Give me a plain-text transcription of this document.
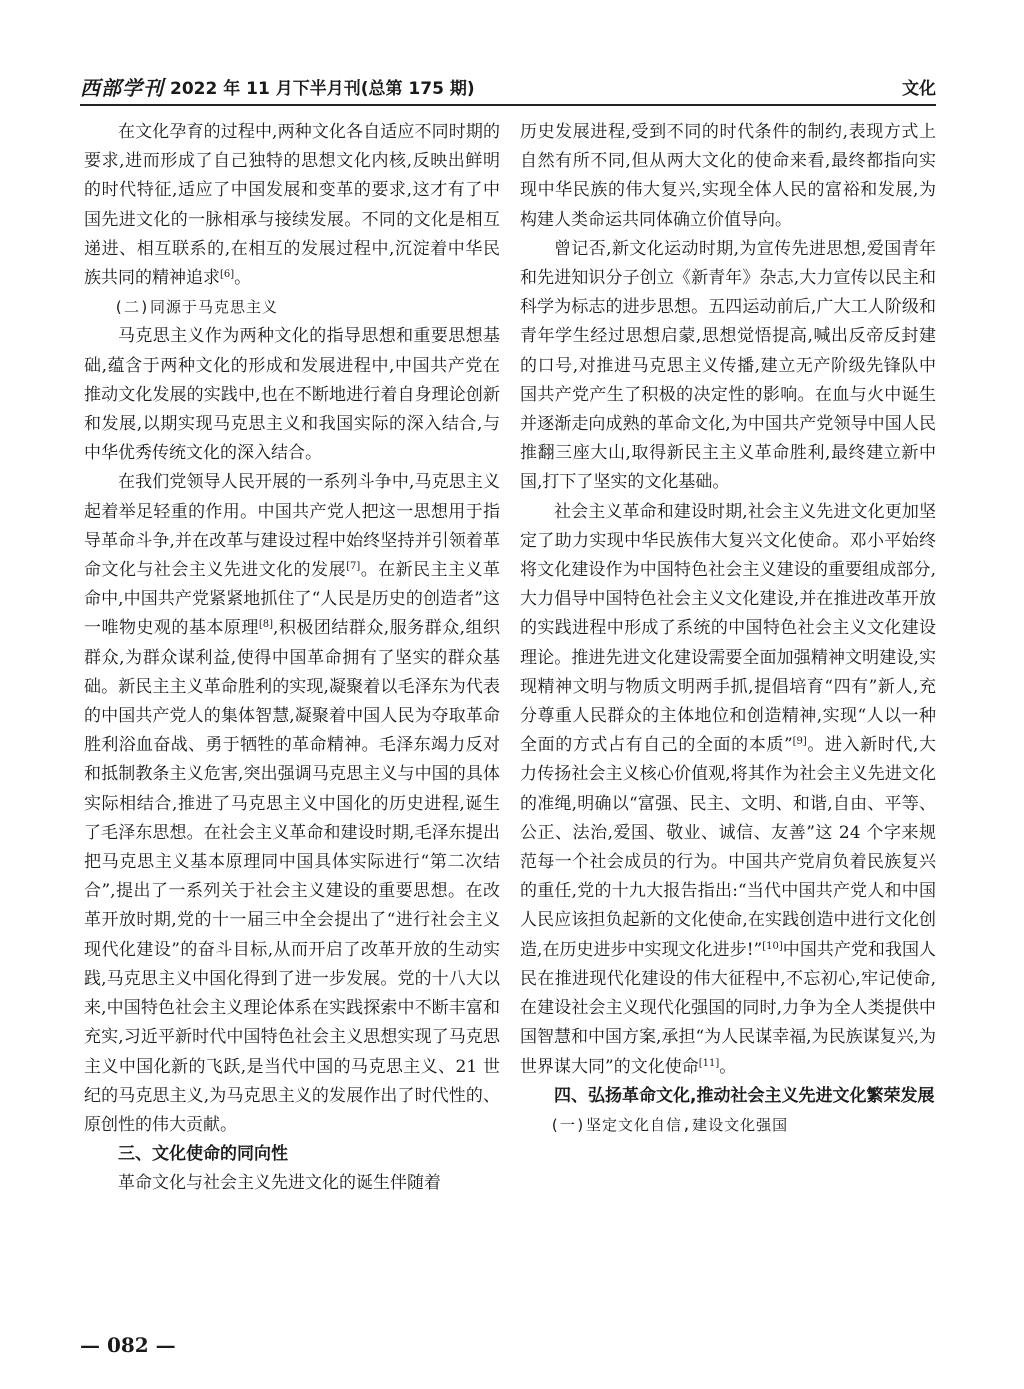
西部学刊 2022 年 11 月下半月刊(总第 175 期)	文化

在文化孕育的过程中,两种文化各自适应不同时期的要求,进而形成了自己独特的思想文化内核,反映出鲜明的时代特征,适应了中国发展和变革的要求,这才有了中国先进文化的一脉相承与接续发展。不同的文化是相互递进、相互联系的,在相互的发展过程中,沉淀着中华民族共同的精神追求[6]。

(二)同源于马克思主义

马克思主义作为两种文化的指导思想和重要思想基础,蕴含于两种文化的形成和发展进程中,中国共产党在推动文化发展的实践中,也在不断地进行着自身理论创新和发展,以期实现马克思主义和我国实际的深入结合,与中华优秀传统文化的深入结合。

在我们党领导人民开展的一系列斗争中,马克思主义起着举足轻重的作用。中国共产党人把这一思想用于指导革命斗争,并在改革与建设过程中始终坚持并引领着革命文化与社会主义先进文化的发展[7]。在新民主主义革命中,中国共产党紧紧地抓住了“人民是历史的创造者”这一唯物史观的基本原理[8],积极团结群众,服务群众,组织群众,为群众谋利益,使得中国革命拥有了坚实的群众基础。新民主主义革命胜利的实现,凝聚着以毛泽东为代表的中国共产党人的集体智慧,凝聚着中国人民为夺取革命胜利浴血奋战、勇于牺牲的革命精神。毛泽东竭力反对和抵制教条主义危害,突出强调马克思主义与中国的具体实际相结合,推进了马克思主义中国化的历史进程,诞生了毛泽东思想。在社会主义革命和建设时期,毛泽东提出把马克思主义基本原理同中国具体实际进行“第二次结合”,提出了一系列关于社会主义建设的重要思想。在改革开放时期,党的十一届三中全会提出了“进行社会主义现代化建设”的奋斗目标,从而开启了改革开放的生动实践,马克思主义中国化得到了进一步发展。党的十八大以来,中国特色社会主义理论体系在实践探索中不断丰富和充实,习近平新时代中国特色社会主义思想实现了马克思主义中国化新的飞跃,是当代中国的马克思主义、21 世纪的马克思主义,为马克思主义的发展作出了时代性的、原创性的伟大贡献。

三、文化使命的同向性

革命文化与社会主义先进文化的诞生伴随着

历史发展进程,受到不同的时代条件的制约,表现方式上自然有所不同,但从两大文化的使命来看,最终都指向实现中华民族的伟大复兴,实现全体人民的富裕和发展,为构建人类命运共同体确立价值导向。

曾记否,新文化运动时期,为宣传先进思想,爱国青年和先进知识分子创立《新青年》杂志,大力宣传以民主和科学为标志的进步思想。五四运动前后,广大工人阶级和青年学生经过思想启蒙,思想觉悟提高,喊出反帝反封建的口号,对推进马克思主义传播,建立无产阶级先锋队中国共产党产生了积极的决定性的影响。在血与火中诞生并逐渐走向成熟的革命文化,为中国共产党领导中国人民推翻三座大山,取得新民主主义革命胜利,最终建立新中国,打下了坚实的文化基础。

社会主义革命和建设时期,社会主义先进文化更加坚定了助力实现中华民族伟大复兴文化使命。邓小平始终将文化建设作为中国特色社会主义建设的重要组成部分,大力倡导中国特色社会主义文化建设,并在推进改革开放的实践进程中形成了系统的中国特色社会主义文化建设理论。推进先进文化建设需要全面加强精神文明建设,实现精神文明与物质文明两手抓,提倡培育“四有”新人,充分尊重人民群众的主体地位和创造精神,实现“人以一种全面的方式占有自己的全面的本质”[9]。进入新时代,大力传扬社会主义核心价值观,将其作为社会主义先进文化的准绳,明确以“富强、民主、文明、和谐,自由、平等、公正、法治,爱国、敬业、诚信、友善”这 24 个字来规范每一个社会成员的行为。中国共产党肩负着民族复兴的重任,党的十九大报告指出:“当代中国共产党人和中国人民应该担负起新的文化使命,在实践创造中进行文化创造,在历史进步中实现文化进步!”[10]中国共产党和我国人民在推进现代化建设的伟大征程中,不忘初心,牢记使命,在建设社会主义现代化强国的同时,力争为全人类提供中国智慧和中国方案,承担“为人民谋幸福,为民族谋复兴,为世界谋大同”的文化使命[11]。

四、弘扬革命文化,推动社会主义先进文化繁荣发展

(一)坚定文化自信,建设文化强国

— 082 —
